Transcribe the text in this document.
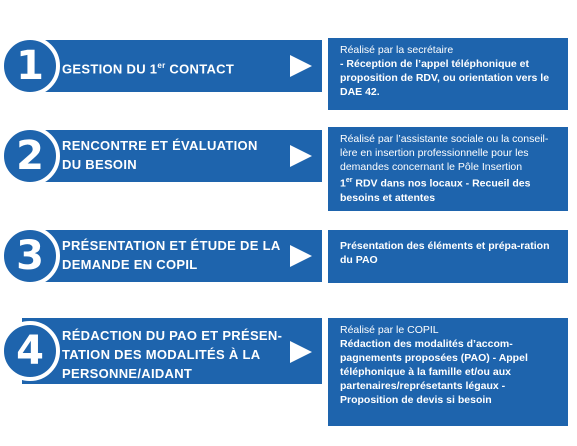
1 GESTION DU 1er CONTACT
Réalisé par la secrétaire
- Réception de l’appel téléphonique et proposition de RDV, ou orientation vers le DAE 42.
2 RENCONTRE ET ÉVALUATION
DU BESOIN
Réalisé par l’assistante sociale ou la conseil-lère en insertion professionnelle pour les demandes concernant le Pôle Insertion
1er RDV dans nos locaux - Recueil des besoins et attentes
3 PRÉSENTATION ET ÉTUDE DE LA
DEMANDE EN COPIL
Présentation des éléments et prépa-ration du PAO
4 RÉDACTION DU PAO ET PRÉSEN-
TATION DES MODALITÉS À LA
PERSONNE/AIDANT
Réalisé par le COPIL
Rédaction des modalités d’accom-pagnements proposées (PAO) - Appel téléphonique à la famille et/ou aux partenaires/représetants légaux - Proposition de devis si besoin
